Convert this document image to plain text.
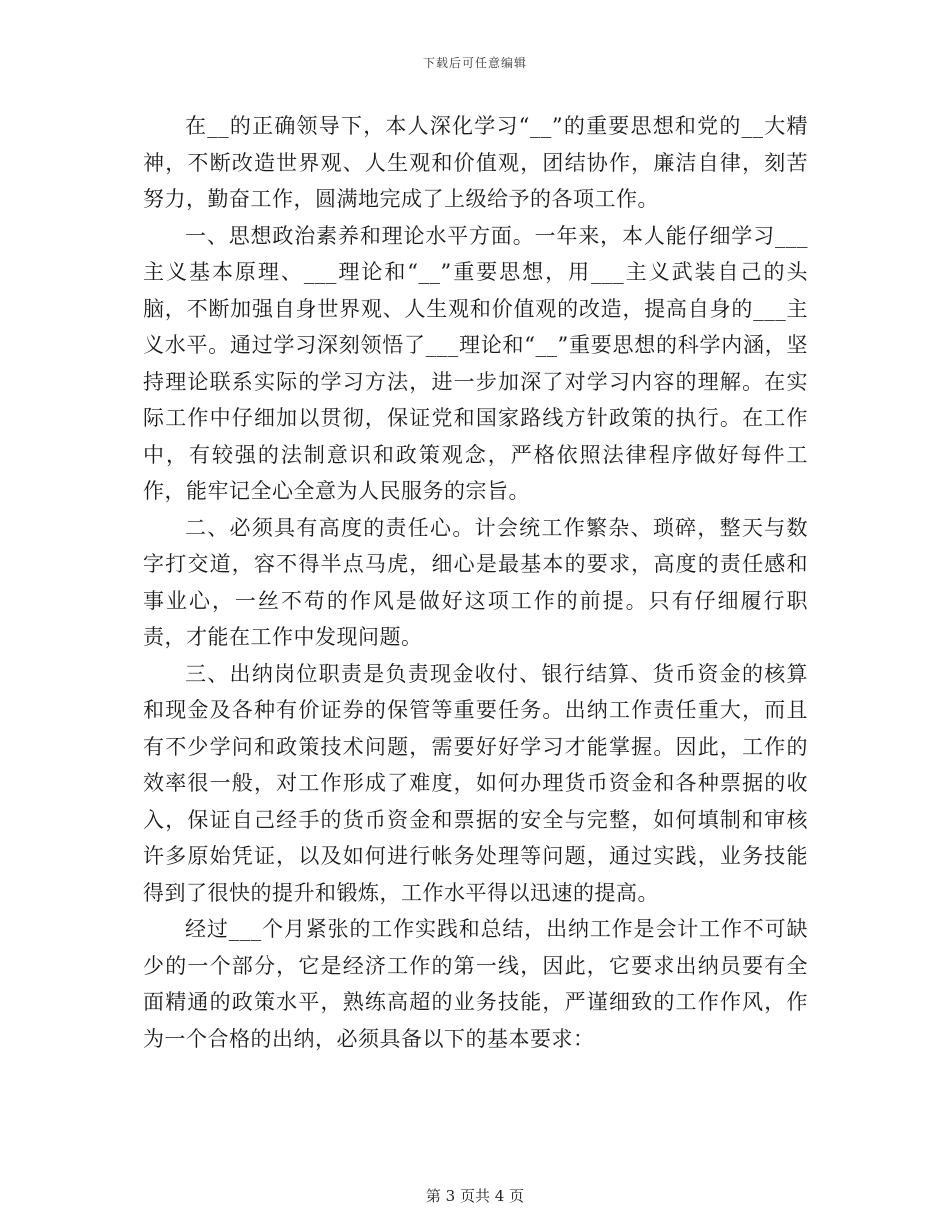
下载后可任意编辑

在__的正确领导下，本人深化学习“__”的重要思想和党的__大精神，不断改造世界观、人生观和价值观，团结协作，廉洁自律，刻苦努力，勤奋工作，圆满地完成了上级给予的各项工作。

一、思想政治素养和理论水平方面。一年来，本人能仔细学习___主义基本原理、___理论和“__”重要思想，用___主义武装自己的头脑，不断加强自身世界观、人生观和价值观的改造，提高自身的___主义水平。通过学习深刻领悟了___理论和“__”重要思想的科学内涵，坚持理论联系实际的学习方法，进一步加深了对学习内容的理解。在实际工作中仔细加以贯彻，保证党和国家路线方针政策的执行。在工作中，有较强的法制意识和政策观念，严格依照法律程序做好每件工作，能牢记全心全意为人民服务的宗旨。

二、必须具有高度的责任心。计会统工作繁杂、琐碎，整天与数字打交道，容不得半点马虎，细心是最基本的要求，高度的责任感和事业心，一丝不苟的作风是做好这项工作的前提。只有仔细履行职责，才能在工作中发现问题。

三、出纳岗位职责是负责现金收付、银行结算、货币资金的核算和现金及各种有价证券的保管等重要任务。出纳工作责任重大，而且有不少学问和政策技术问题，需要好好学习才能掌握。因此，工作的效率很一般，对工作形成了难度，如何办理货币资金和各种票据的收入，保证自己经手的货币资金和票据的安全与完整，如何填制和审核许多原始凭证，以及如何进行帐务处理等问题，通过实践，业务技能得到了很快的提升和锻炼，工作水平得以迅速的提高。

经过___个月紧张的工作实践和总结，出纳工作是会计工作不可缺少的一个部分，它是经济工作的第一线，因此，它要求出纳员要有全面精通的政策水平，熟练高超的业务技能，严谨细致的工作作风，作为一个合格的出纳，必须具备以下的基本要求：

第 3 页共 4 页
